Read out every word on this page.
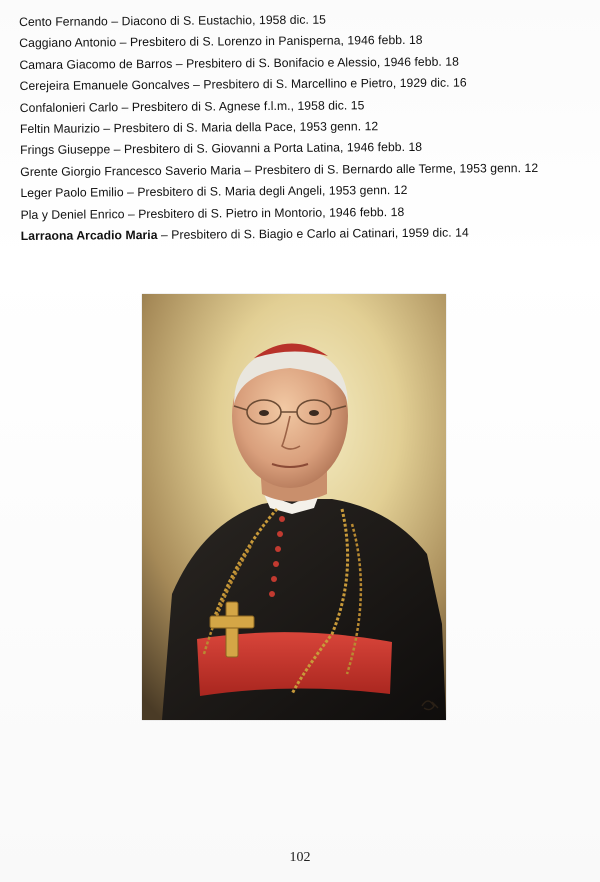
Cento Fernando – Diacono di S. Eustachio, 1958 dic. 15
Caggiano Antonio – Presbitero di S. Lorenzo in Panisperna, 1946 febb. 18
Camara Giacomo de Barros – Presbitero di S. Bonifacio e Alessio, 1946 febb. 18
Cerejeira Emanuele Goncalves – Presbitero di S. Marcellino e Pietro, 1929 dic. 16
Confalonieri Carlo – Presbitero di S. Agnese f.l.m., 1958 dic. 15
Feltin Maurizio – Presbitero di S. Maria della Pace, 1953 genn. 12
Frings Giuseppe – Presbitero di S. Giovanni a Porta Latina, 1946 febb. 18
Grente Giorgio Francesco Saverio Maria – Presbitero di S. Bernardo alle Terme, 1953 genn. 12
Leger Paolo Emilio – Presbitero di S. Maria degli Angeli, 1953 genn. 12
Pla y Deniel Enrico – Presbitero di S. Pietro in Montorio, 1946 febb. 18
Larraona Arcadio Maria – Presbitero di S. Biagio e Carlo ai Catinari, 1959 dic. 14
102
